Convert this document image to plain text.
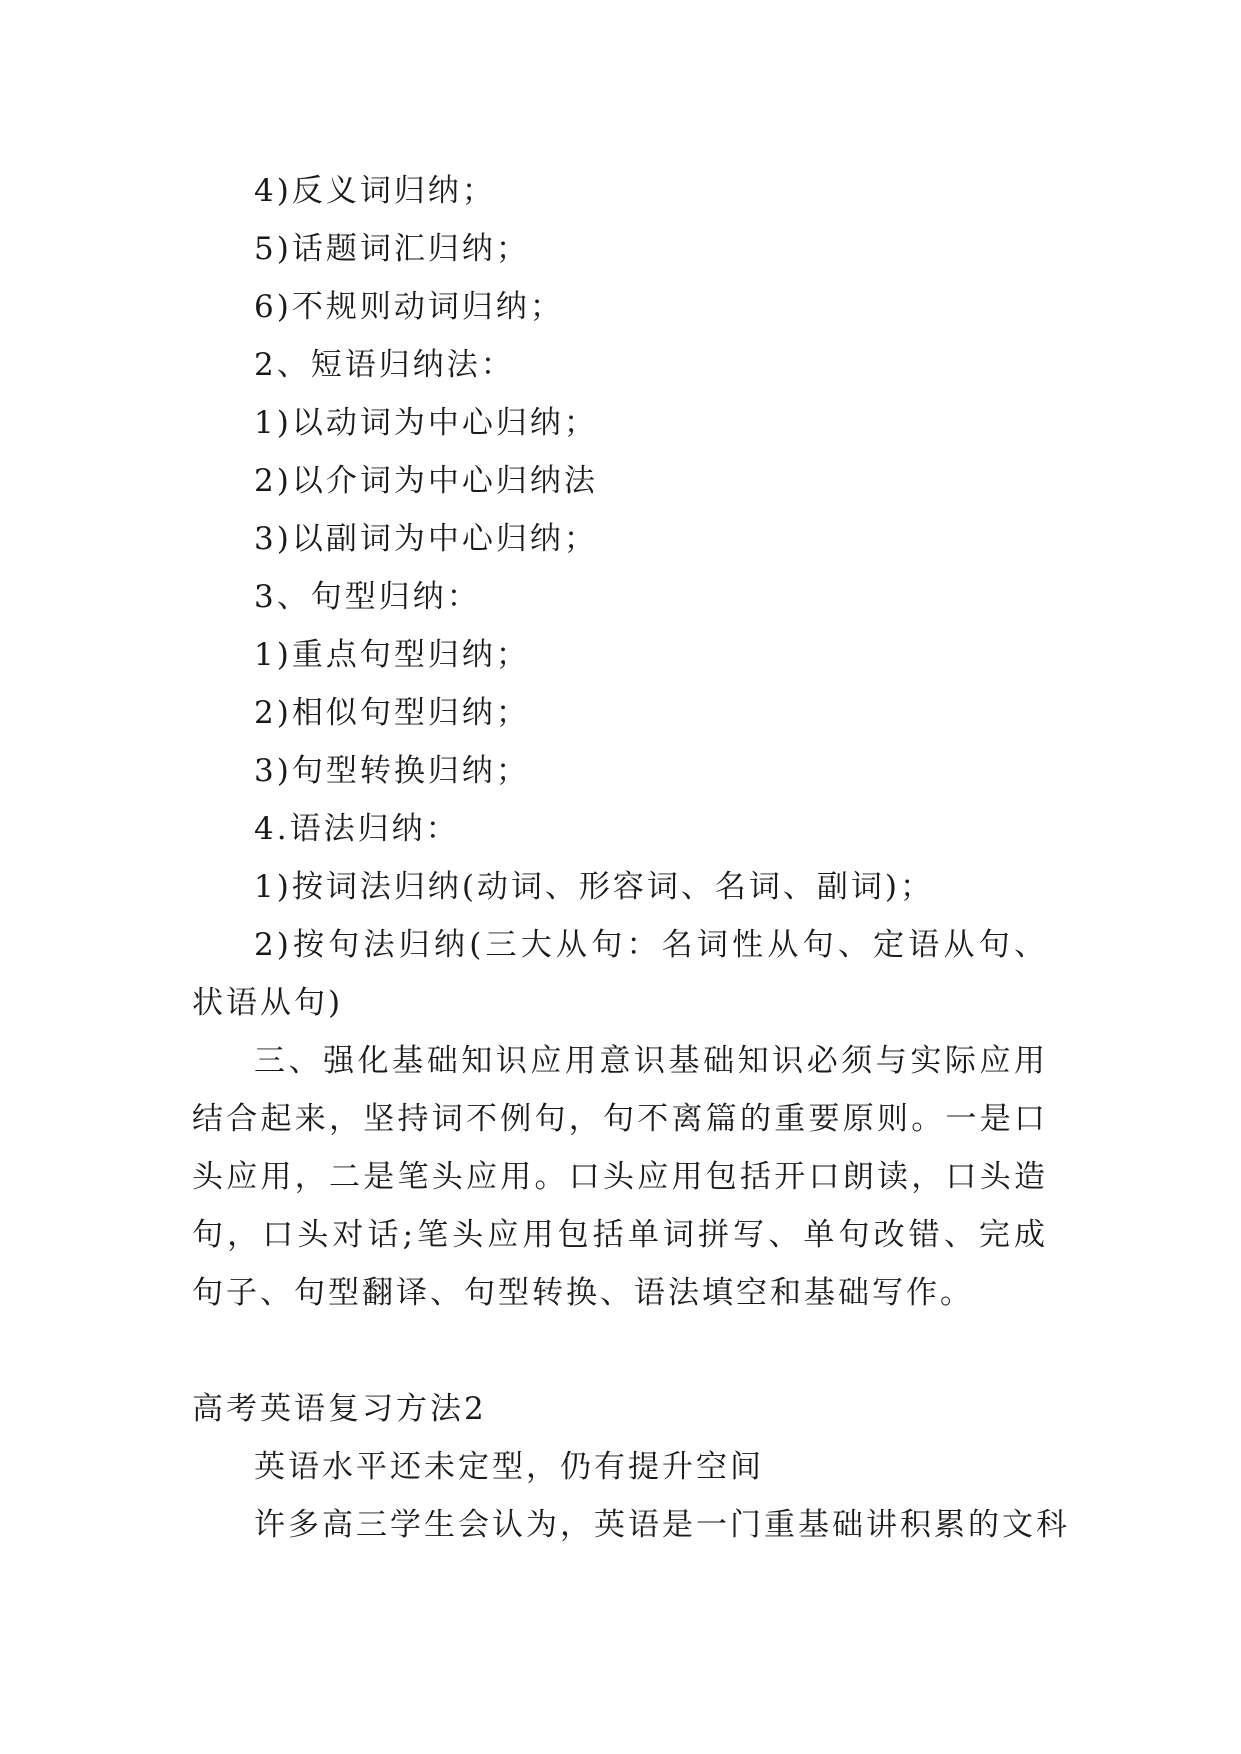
4)反义词归纳；
5)话题词汇归纳；
6)不规则动词归纳；
2、短语归纳法：
1)以动词为中心归纳；
2)以介词为中心归纳法
3)以副词为中心归纳；
3、句型归纳：
1)重点句型归纳；
2)相似句型归纳；
3)句型转换归纳；
4.语法归纳：
1)按词法归纳(动词、形容词、名词、副词)；

2)按句法归纳(三大从句：名词性从句、定语从句、状语从句)

三、强化基础知识应用意识基础知识必须与实际应用结合起来，坚持词不例句，句不离篇的重要原则。一是口头应用，二是笔头应用。口头应用包括开口朗读，口头造句，口头对话;笔头应用包括单词拼写、单句改错、完成句子、句型翻译、句型转换、语法填空和基础写作。

高考英语复习方法2
英语水平还未定型，仍有提升空间
许多高三学生会认为，英语是一门重基础讲积累的文科
